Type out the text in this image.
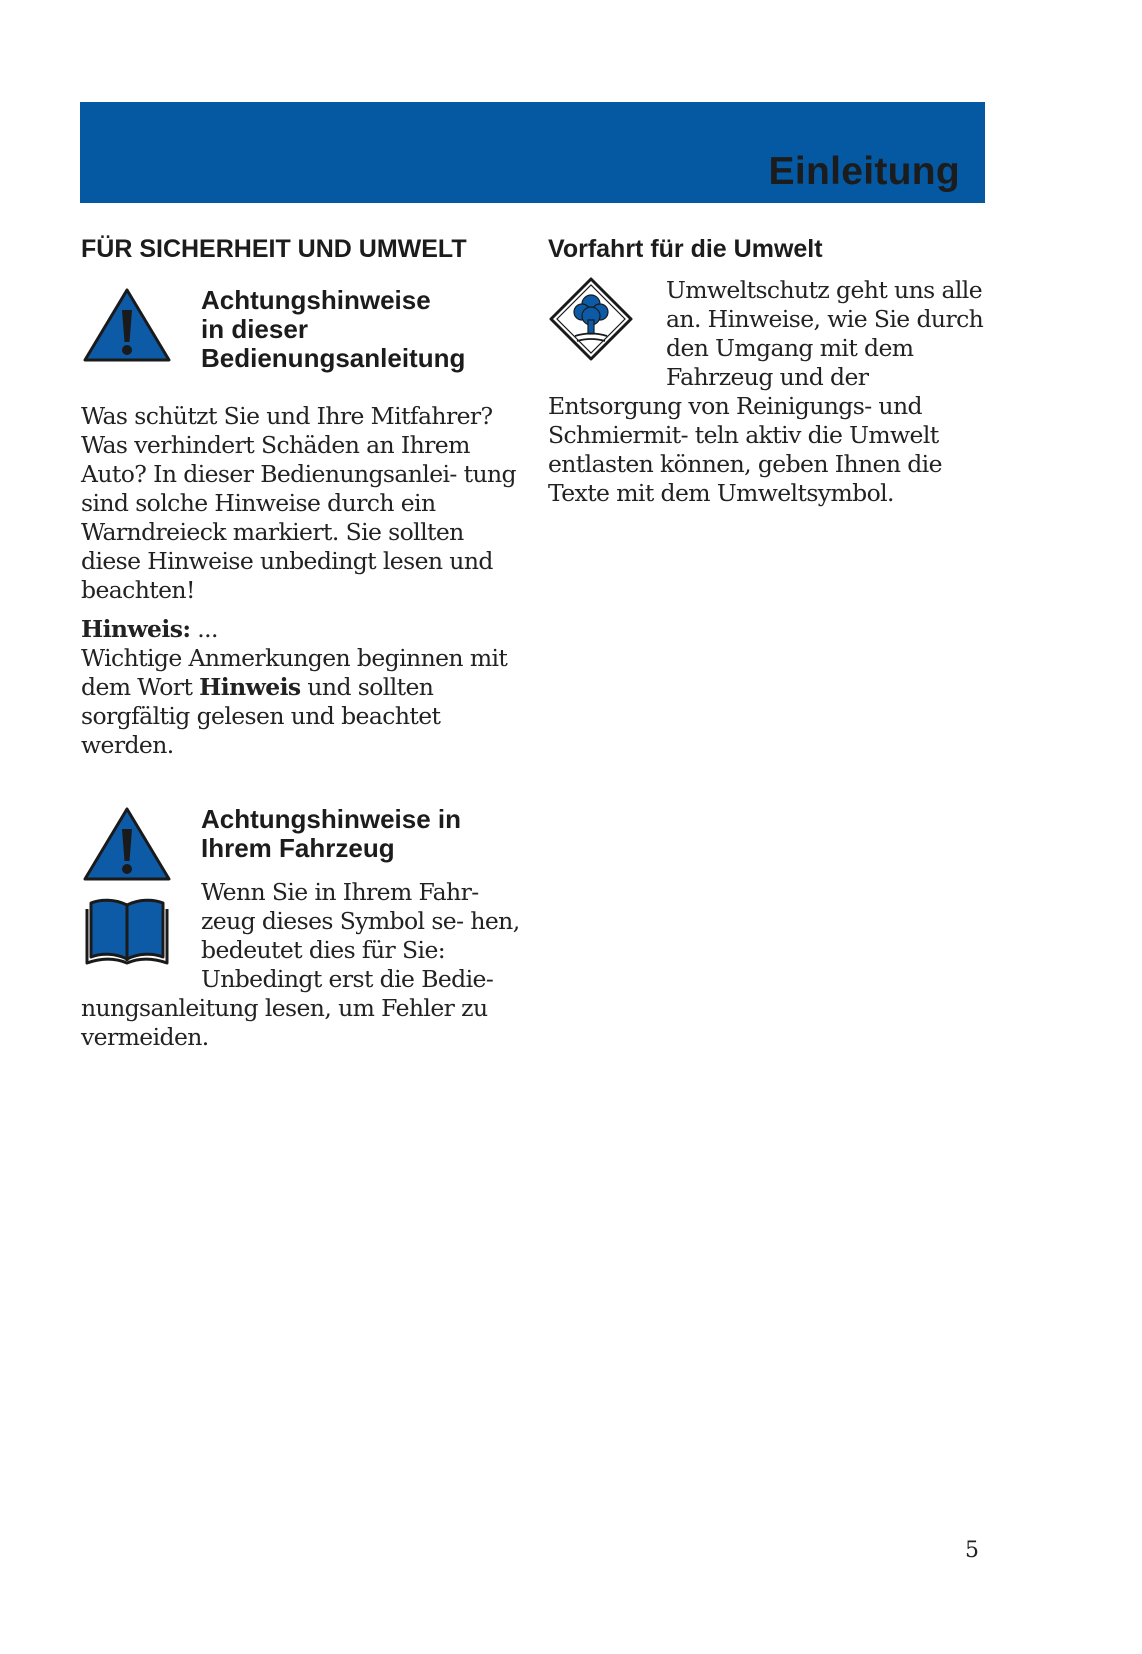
Einleitung
FÜR SICHERHEIT UND UMWELT
Achtungshinweise
in dieser
Bedienungsanleitung

Was schützt Sie und Ihre Mitfahrer? Was verhindert Schäden an Ihrem Auto? In dieser Bedienungsanlei- tung sind solche Hinweise durch ein Warndreieck markiert. Sie sollten diese Hinweise unbedingt lesen und beachten!

Hinweis: ...

Wichtige Anmerkungen beginnen mit dem Wort Hinweis und sollten sorgfältig gelesen und beachtet werden.

Achtungshinweise in
Ihrem Fahrzeug

Wenn Sie in Ihrem Fahr- zeug dieses Symbol se- hen, bedeutet dies für Sie: Unbedingt erst die Bedie- nungsanleitung lesen, um Fehler zu vermeiden.

Vorfahrt für die Umwelt

Umweltschutz geht uns alle an. Hinweise, wie Sie durch den Umgang mit dem Fahrzeug und der Entsorgung von Reinigungs- und Schmiermit- teln aktiv die Umwelt entlasten können, geben Ihnen die Texte mit dem Umweltsymbol.

5
